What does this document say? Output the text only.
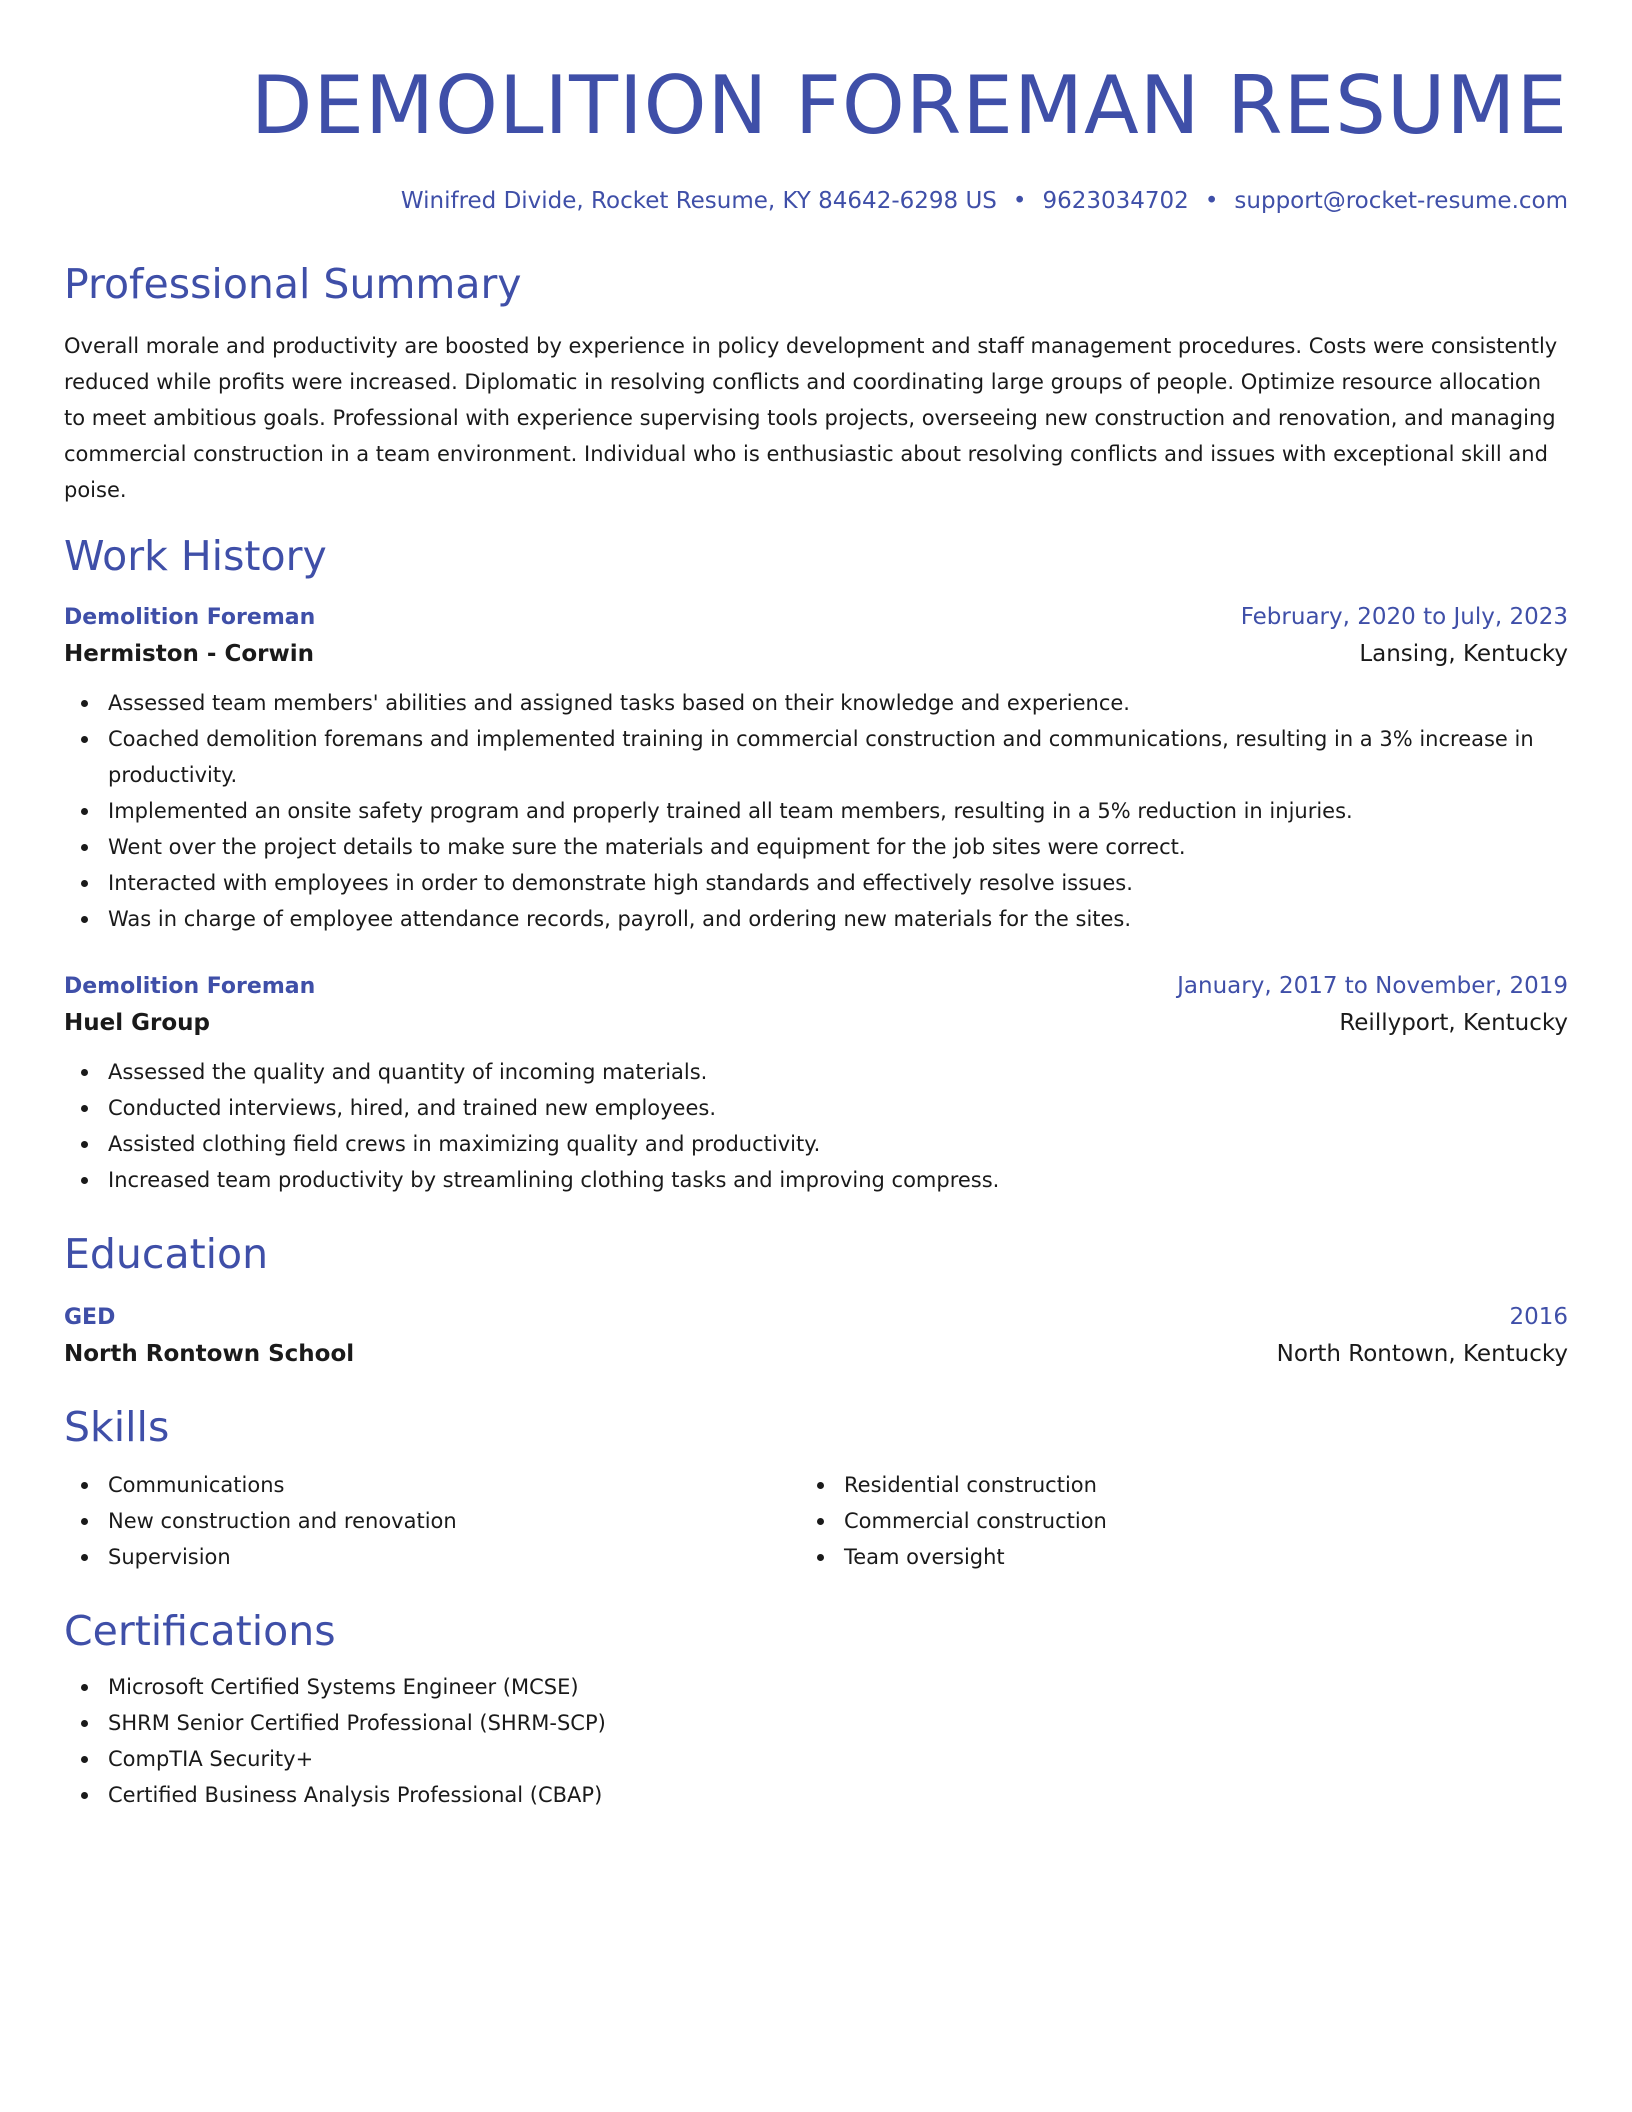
DEMOLITION FOREMAN RESUME
Winifred Divide, Rocket Resume, KY 84642-6298 US • 9623034702 • support@rocket-resume.com
Professional Summary

Overall morale and productivity are boosted by experience in policy development and staff management procedures. Costs were consistently reduced while profits were increased. Diplomatic in resolving conflicts and coordinating large groups of people. Optimize resource allocation to meet ambitious goals. Professional with experience supervising tools projects, overseeing new construction and renovation, and managing commercial construction in a team environment. Individual who is enthusiastic about resolving conflicts and issues with exceptional skill and poise.

Work History
Demolition Foreman	February, 2020 to July, 2023
Hermiston - Corwin	Lansing, Kentucky
Assessed team members' abilities and assigned tasks based on their knowledge and experience.
Coached demolition foremans and implemented training in commercial construction and communications, resulting in a 3% increase in productivity.
Implemented an onsite safety program and properly trained all team members, resulting in a 5% reduction in injuries.
Went over the project details to make sure the materials and equipment for the job sites were correct.
Interacted with employees in order to demonstrate high standards and effectively resolve issues.
Was in charge of employee attendance records, payroll, and ordering new materials for the sites.
Demolition Foreman	January, 2017 to November, 2019
Huel Group	Reillyport, Kentucky
Assessed the quality and quantity of incoming materials.
Conducted interviews, hired, and trained new employees.
Assisted clothing field crews in maximizing quality and productivity.
Increased team productivity by streamlining clothing tasks and improving compress.
Education
GED	2016
North Rontown School	North Rontown, Kentucky
Skills
Communications
New construction and renovation
Supervision
Residential construction
Commercial construction
Team oversight
Certifications
Microsoft Certified Systems Engineer (MCSE)
SHRM Senior Certified Professional (SHRM-SCP)
CompTIA Security+
Certified Business Analysis Professional (CBAP)
